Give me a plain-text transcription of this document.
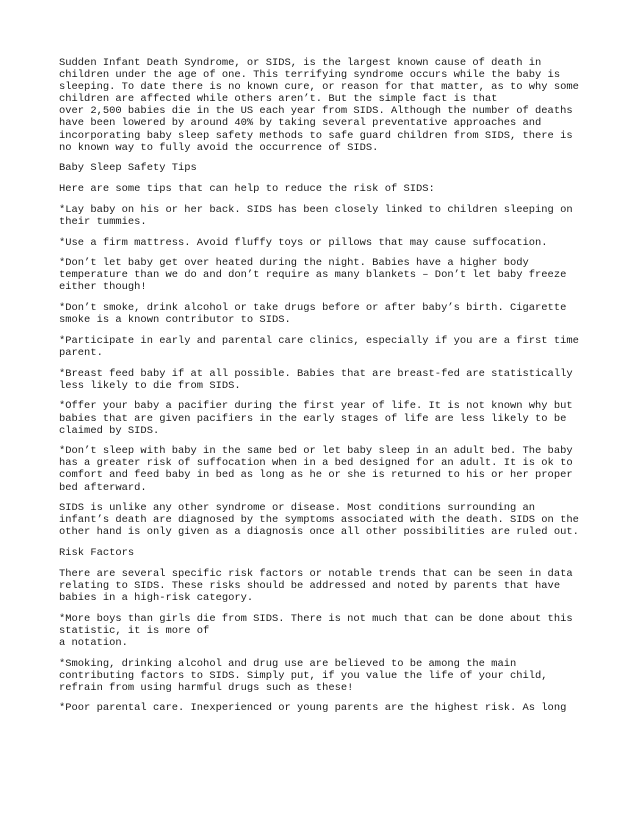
Sudden Infant Death Syndrome, or SIDS, is the largest known cause of death in
children under the age of one. This terrifying syndrome occurs while the baby is
sleeping. To date there is no known cure, or reason for that matter, as to why some
children are affected while others aren’t. But the simple fact is that
over 2,500 babies die in the US each year from SIDS. Although the number of deaths
have been lowered by around 40% by taking several preventative approaches and
incorporating baby sleep safety methods to safe guard children from SIDS, there is
no known way to fully avoid the occurrence of SIDS.
Baby Sleep Safety Tips
Here are some tips that can help to reduce the risk of SIDS:
*Lay baby on his or her back. SIDS has been closely linked to children sleeping on
their tummies.
*Use a firm mattress. Avoid fluffy toys or pillows that may cause suffocation.
*Don’t let baby get over heated during the night. Babies have a higher body
temperature than we do and don’t require as many blankets – Don’t let baby freeze
either though!
*Don’t smoke, drink alcohol or take drugs before or after baby’s birth. Cigarette
smoke is a known contributor to SIDS.
*Participate in early and parental care clinics, especially if you are a first time
parent.
*Breast feed baby if at all possible. Babies that are breast-fed are statistically
less likely to die from SIDS.
*Offer your baby a pacifier during the first year of life. It is not known why but
babies that are given pacifiers in the early stages of life are less likely to be
claimed by SIDS.
*Don’t sleep with baby in the same bed or let baby sleep in an adult bed. The baby
has a greater risk of suffocation when in a bed designed for an adult. It is ok to
comfort and feed baby in bed as long as he or she is returned to his or her proper
bed afterward.
SIDS is unlike any other syndrome or disease. Most conditions surrounding an
infant’s death are diagnosed by the symptoms associated with the death. SIDS on the
other hand is only given as a diagnosis once all other possibilities are ruled out.
Risk Factors
There are several specific risk factors or notable trends that can be seen in data
relating to SIDS. These risks should be addressed and noted by parents that have
babies in a high-risk category.
*More boys than girls die from SIDS. There is not much that can be done about this
statistic, it is more of
a notation.
*Smoking, drinking alcohol and drug use are believed to be among the main
contributing factors to SIDS. Simply put, if you value the life of your child,
refrain from using harmful drugs such as these!
*Poor parental care. Inexperienced or young parents are the highest risk. As long
